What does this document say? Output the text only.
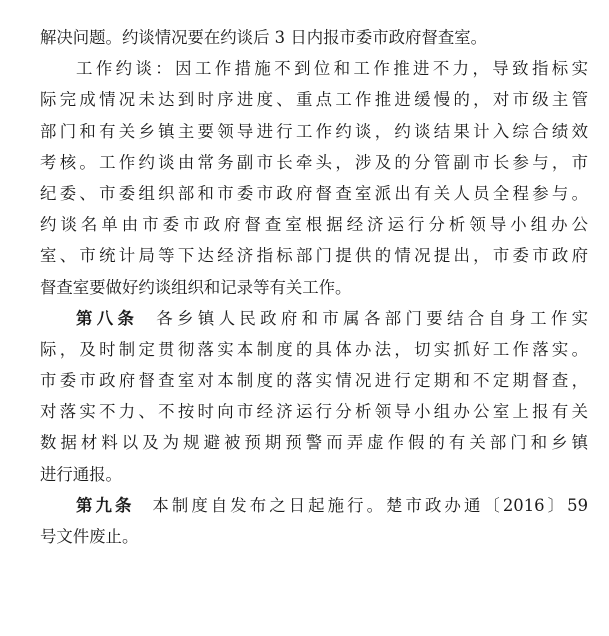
解决问题。约谈情况要在约谈后 3 日内报市委市政府督查室。
工作约谈：因工作措施不到位和工作推进不力，导致指标实
际完成情况未达到时序进度、重点工作推进缓慢的，对市级主管
部门和有关乡镇主要领导进行工作约谈，约谈结果计入综合绩效
考核。工作约谈由常务副市长牵头，涉及的分管副市长参与，市
纪委、市委组织部和市委市政府督查室派出有关人员全程参与。
约谈名单由市委市政府督查室根据经济运行分析领导小组办公
室、市统计局等下达经济指标部门提供的情况提出，市委市政府
督查室要做好约谈组织和记录等有关工作。
第八条 各乡镇人民政府和市属各部门要结合自身工作实
际，及时制定贯彻落实本制度的具体办法，切实抓好工作落实。
市委市政府督查室对本制度的落实情况进行定期和不定期督查，
对落实不力、不按时向市经济运行分析领导小组办公室上报有关
数据材料以及为规避被预期预警而弄虚作假的有关部门和乡镇
进行通报。
第九条 本制度自发布之日起施行。楚市政办通〔2016〕59
号文件废止。
